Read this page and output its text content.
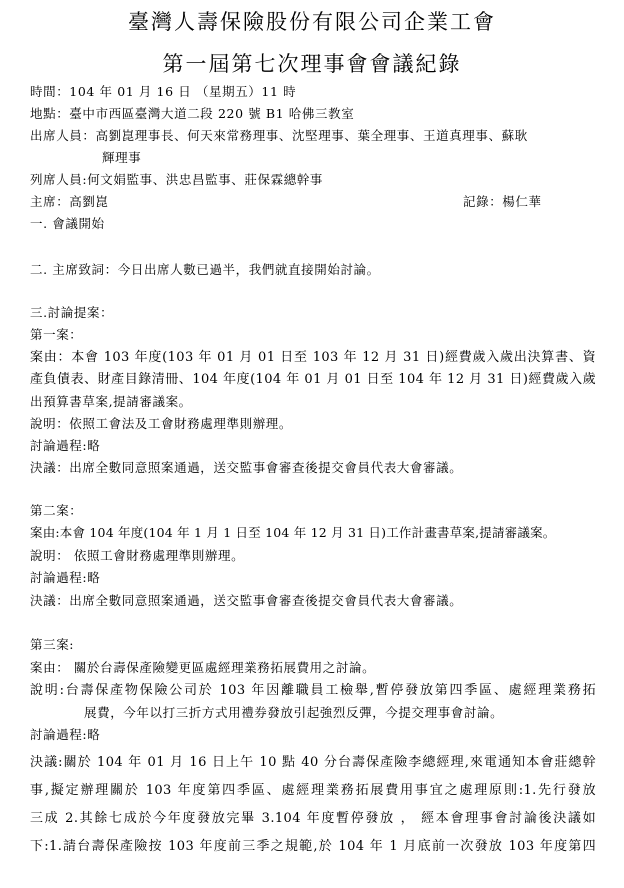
臺灣人壽保險股份有限公司企業工會
第一屆第七次理事會會議紀錄
時間：104 年 01 月 16 日 （星期五）11 時
地點：臺中市西區臺灣大道二段 220 號 B1 哈佛三教室
出席人員：高劉崑理事長、何天來常務理事、沈堅理事、葉全理事、王道真理事、蘇耿
輝理事
列席人員:何文娟監事、洪忠昌監事、莊保霖總幹事
主席：高劉崑	記錄：楊仁華
一. 會議開始
二. 主席致詞：今日出席人數已過半，我們就直接開始討論。
三.討論提案：
第一案：
案由：本會 103 年度(103 年 01 月 01 日至 103 年 12 月 31 日)經費歲入歲出決算書、資
產負債表、財產目錄清冊、104 年度(104 年 01 月 01 日至 104 年 12 月 31 日)經費歲入歲
出預算書草案,提請審議案。
說明：依照工會法及工會財務處理準則辦理。
討論過程:略
決議：出席全數同意照案通過，送交監事會審查後提交會員代表大會審議。
第二案：
案由:本會 104 年度(104 年 1 月 1 日至 104 年 12 月 31 日)工作計畫書草案,提請審議案。
說明： 依照工會財務處理準則辦理。
討論過程:略
決議：出席全數同意照案通過，送交監事會審查後提交會員代表大會審議。
第三案:
案由： 關於台壽保產險變更區處經理業務拓展費用之討論。
說明:台壽保產物保險公司於 103 年因離職員工檢舉,暫停發放第四季區、處經理業務拓
展費，今年以打三折方式用禮券發放引起強烈反彈，今提交理事會討論。
討論過程:略
決議:關於 104 年 01 月 16 日上午 10 點 40 分台壽保產險李總經理,來電通知本會莊總幹
事,擬定辦理關於 103 年度第四季區、處經理業務拓展費用事宜之處理原則:1.先行發放
三成 2.其餘七成於今年度發放完畢 3.104 年度暫停發放 ， 經本會理事會討論後決議如
下:1.請台壽保產險按 103 年度前三季之規範,於 104 年 1 月底前一次發放 103 年度第四
